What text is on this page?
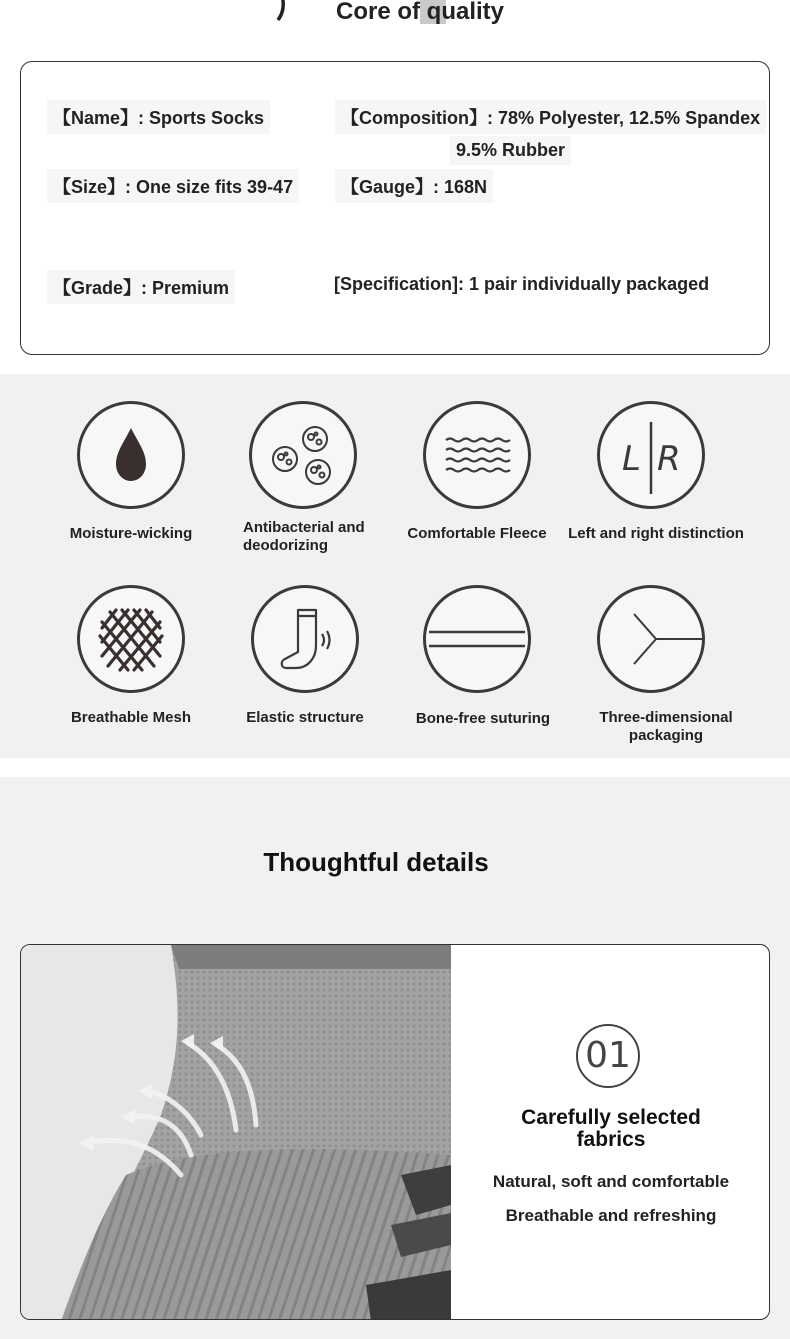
Core of quality
【Name】: Sports Socks	【Composition】: 78% Polyester, 12.5% Spandex
9.5% Rubber
【Size】: One size fits 39-47	【Gauge】: 168N
【Grade】: Premium	[Specification]: 1 pair individually packaged
Moisture-wicking	Antibacterial and deodorizing
Comfortable Fleece
L R
Left and right distinction
Breathable Mesh	Elastic structure	Bone-free suturing	Three-dimensional packaging
Thoughtful details
01
Carefully selected fabrics
Natural, soft and comfortable
Breathable and refreshing
